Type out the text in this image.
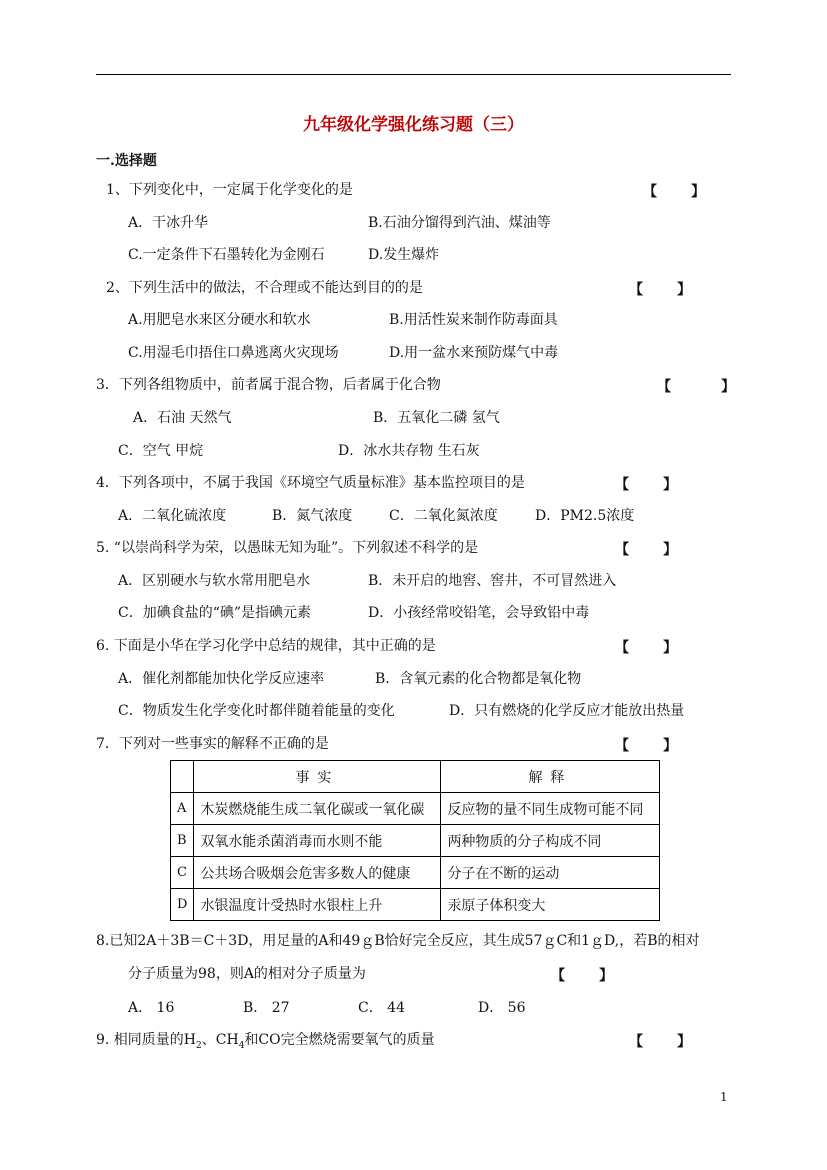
九年级化学强化练习题（三）
一.选择题
1、下列变化中，一定属于化学变化的是	【       】
A．干冰升华	B.石油分馏得到汽油、煤油等
C.一定条件下石墨转化为金刚石	D.发生爆炸
2、下列生活中的做法，不合理或不能达到目的的是	【       】
A.用肥皂水来区分硬水和软水	B.用活性炭来制作防毒面具
C.用湿毛巾捂住口鼻逃离火灾现场	D.用一盆水来预防煤气中毒
3．下列各组物质中，前者属于混合物，后者属于化合物	【       】
A．石油 天然气	B．五氧化二磷 氢气
C．空气 甲烷	D．冰水共存物 生石灰
4．下列各项中，不属于我国《环境空气质量标准》基本监控项目的是	【       】
A．二氧化硫浓度	B．氮气浓度	C．二氧化氮浓度	D．PM2.5浓度
5. “以崇尚科学为荣，以愚昧无知为耻”。下列叙述不科学的是	【       】
A．区别硬水与软水常用肥皂水	B．未开启的地窖、窖井，不可冒然进入
C．加碘食盐的“碘”是指碘元素	D．小孩经常咬铅笔，会导致铅中毒
6. 下面是小华在学习化学中总结的规律，其中正确的是	【       】
A．催化剂都能加快化学反应速率	B．含氧元素的化合物都是氧化物
C．物质发生化学变化时都伴随着能量的变化	D．只有燃烧的化学反应才能放出热量
7．下列对一些事实的解释不正确的是	【       】
	事实	解释
A	木炭燃烧能生成二氧化碳或一氧化碳	反应物的量不同生成物可能不同
B	双氧水能杀菌消毒而水则不能	两种物质的分子构成不同
C	公共场合吸烟会危害多数人的健康	分子在不断的运动
D	水银温度计受热时水银柱上升	汞原子体积变大
8.已知2A＋3B＝C＋3D，用足量的A和49ｇB恰好完全反应，其生成57ｇC和1ｇD,，若B的相对
分子质量为98，则A的相对分子质量为	【       】
A． 16	B． 27	C． 44	D． 56
9. 相同质量的$H_2$、$CH_4$和CO完全燃烧需要氧气的质量	【       】
1
